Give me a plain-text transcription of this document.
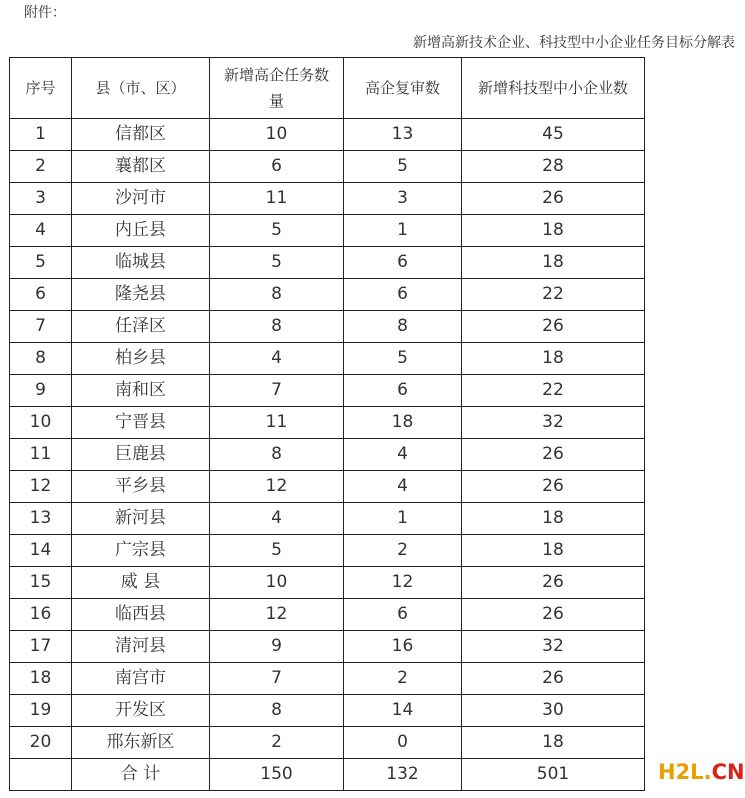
附件：
新增高新技术企业、科技型中小企业任务目标分解表
序号	县（市、区）	新增高企任务数量	高企复审数	新增科技型中小企业数
1	信都区	10	13	45
2	襄都区	6	5	28
3	沙河市	11	3	26
4	内丘县	5	1	18
5	临城县	5	6	18
6	隆尧县	8	6	22
7	任泽区	8	8	26
8	柏乡县	4	5	18
9	南和区	7	6	22
10	宁晋县	11	18	32
11	巨鹿县	8	4	26
12	平乡县	12	4	26
13	新河县	4	1	18
14	广宗县	5	2	18
15	威 县	10	12	26
16	临西县	12	6	26
17	清河县	9	16	32
18	南宫市	7	2	26
19	开发区	8	14	30
20	邢东新区	2	0	18
	合 计	150	132	501	H2L.CN
